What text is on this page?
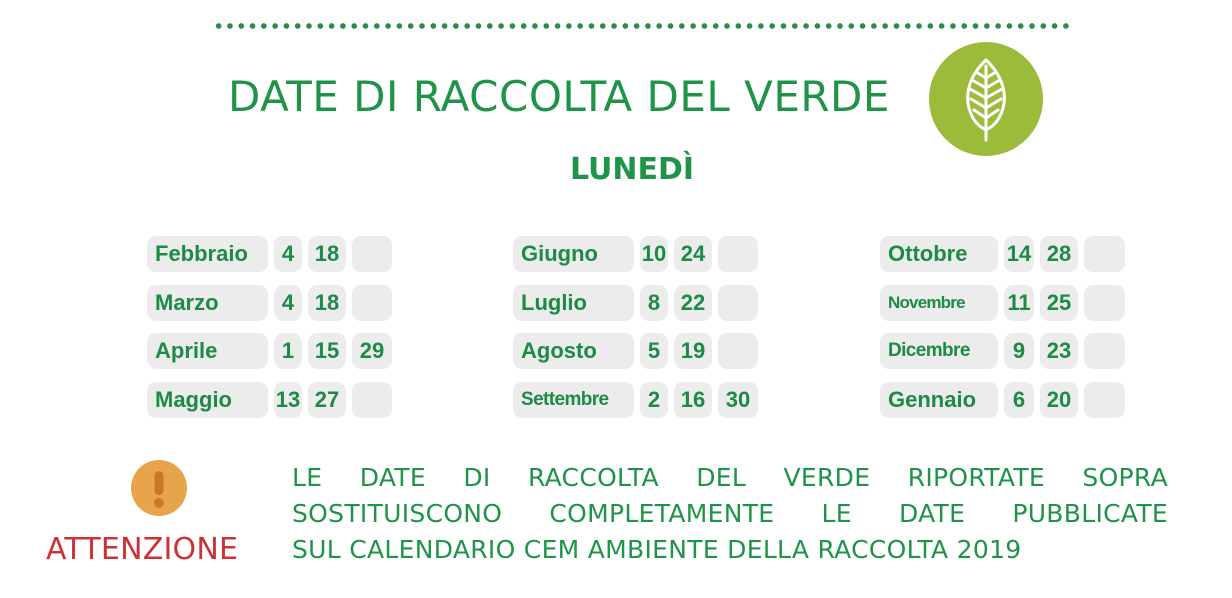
DATE DI RACCOLTA DEL VERDE
LUNEDÌ
Febbraio	4 18
Marzo	4 18
Aprile	1 15 29
Maggio	13 27
Giugno	10 24
Luglio	8 22
Agosto	5 19
Settembre	2 16 30
Ottobre	14 28
Novembre	11 25
Dicembre	9 23
Gennaio	6 20
ATTENZIONE
LE DATE DI RACCOLTA DEL VERDE RIPORTATE SOPRA
SOSTITUISCONO COMPLETAMENTE LE DATE PUBBLICATE
SUL CALENDARIO CEM AMBIENTE DELLA RACCOLTA 2019
